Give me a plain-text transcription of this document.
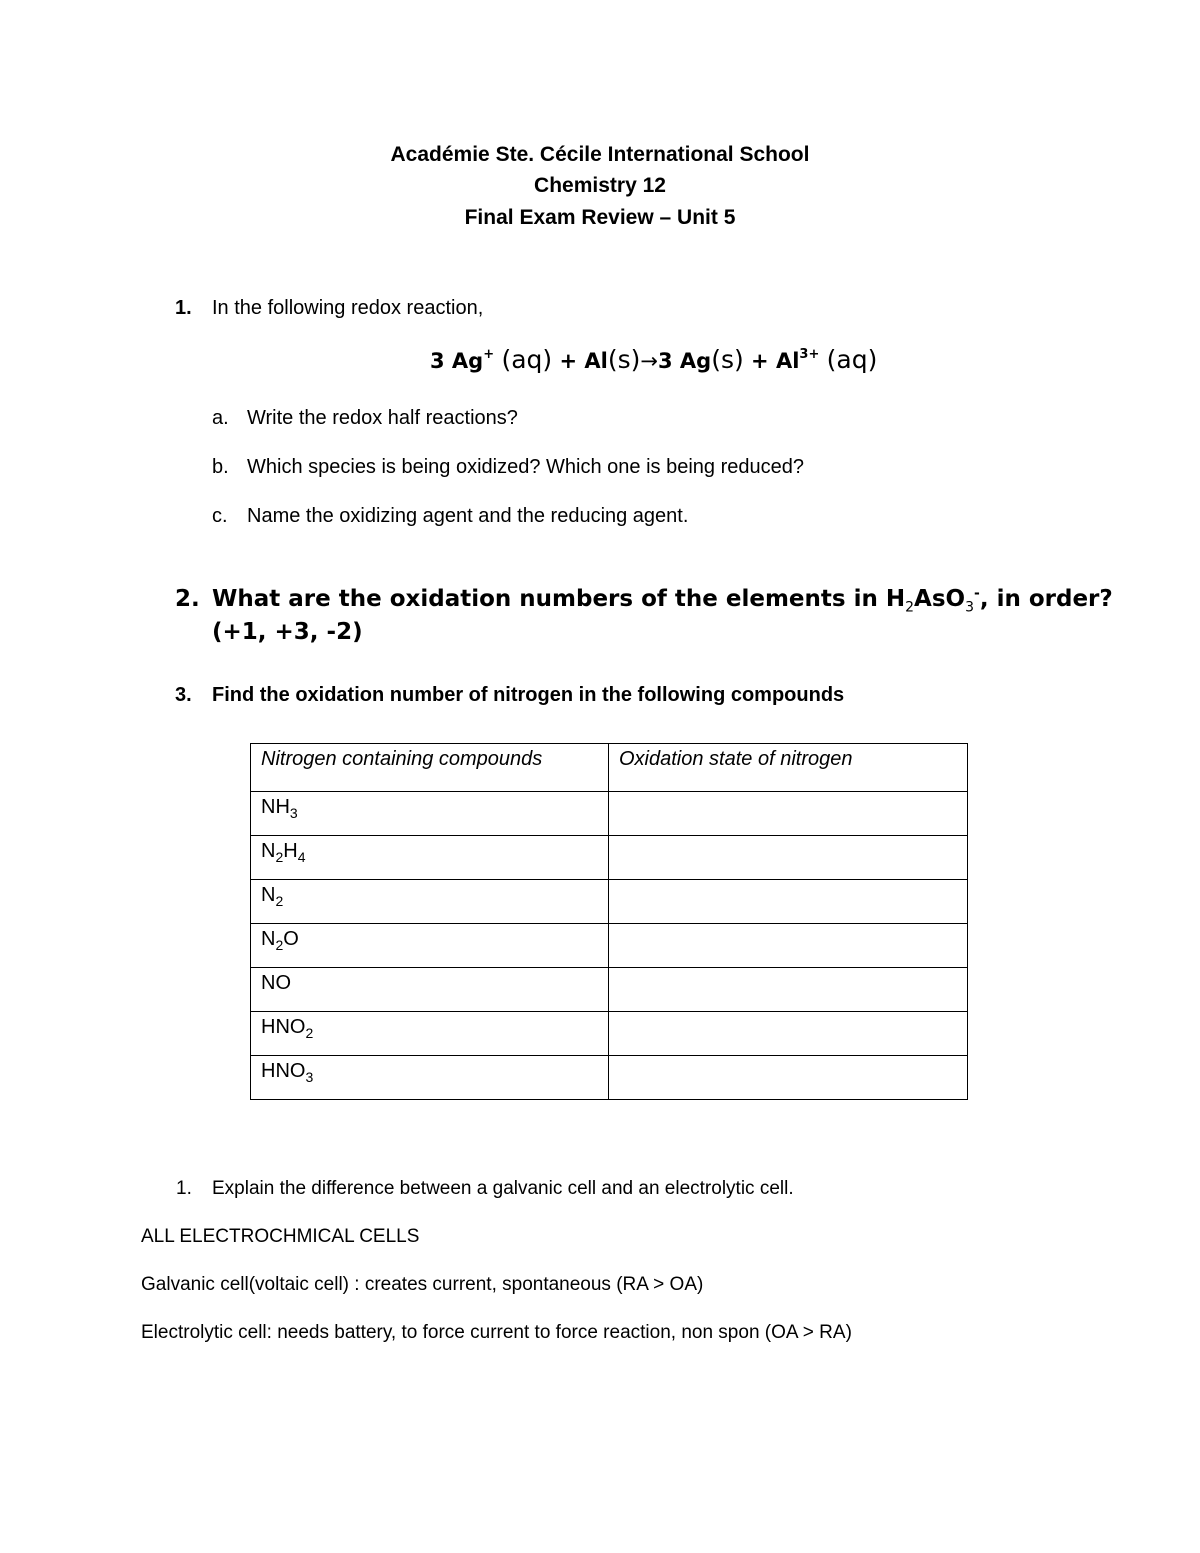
Académie Ste. Cécile International School
Chemistry 12
Final Exam Review – Unit 5
1. In the following redox reaction,
3 Ag+ (aq) + Al(s)→3 $Ag(s) + Al^{3+}$ (aq)
a. Write the redox half reactions?
b. Which species is being oxidized? Which one is being reduced?
c. Name the oxidizing agent and the reducing agent.
2. What are the oxidation numbers of the elements in $H_2AsO_3^-$, in order?
(+1, +3, -2)
3. Find the oxidation number of nitrogen in the following compounds
Nitrogen containing compounds	Oxidation state of nitrogen
$NH_3$	
$N_2H_4$	
$N_2$	
$N_2O$	
NO	
$HNO_2$	
$HNO_3$	
1. Explain the difference between a galvanic cell and an electrolytic cell.
ALL ELECTROCHMICAL CELLS
Galvanic cell(voltaic cell) : creates current, spontaneous (RA > OA)
Electrolytic cell: needs battery, to force current to force reaction, non spon (OA > RA)
